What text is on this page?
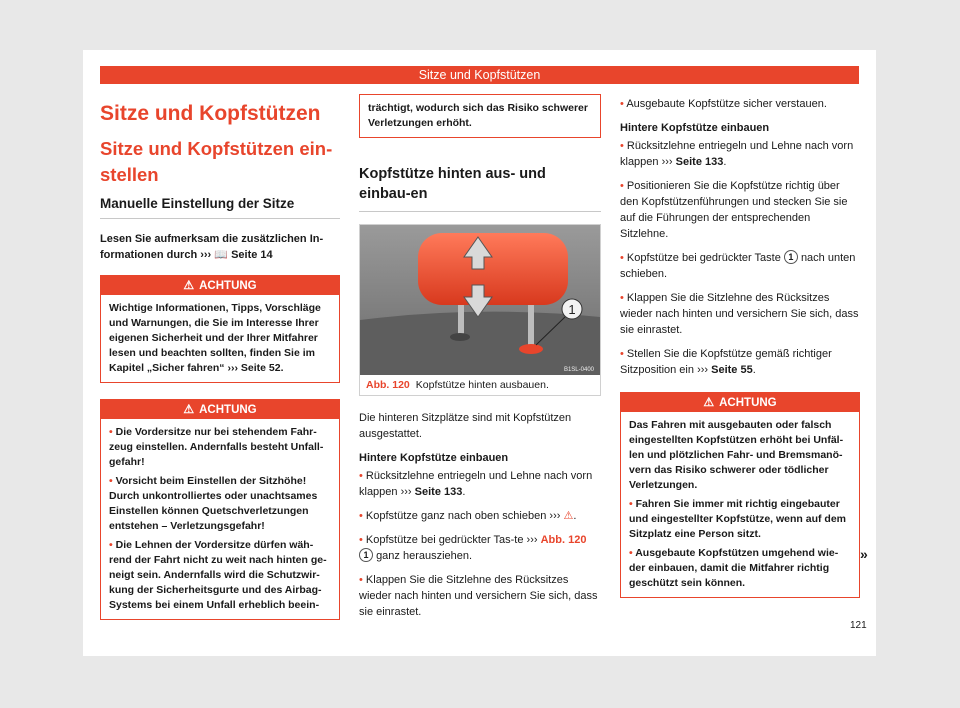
Sitze und Kopfstützen
Sitze und Kopfstützen
Sitze und Kopfstützen ein-stellen
Manuelle Einstellung der Sitze

Lesen Sie aufmerksam die zusätzlichen In-formationen durch ››› 📖 Seite 14

⚠ ACHTUNG

Wichtige Informationen, Tipps, Vorschläge und Warnungen, die Sie im Interesse Ihrer eigenen Sicherheit und der Ihrer Mitfahrer lesen und beachten sollten, finden Sie im Kapitel „Sicher fahren“ ››› Seite 52.

⚠ ACHTUNG

• Die Vordersitze nur bei stehendem Fahr-zeug einstellen. Andernfalls besteht Unfall-gefahr!

• Vorsicht beim Einstellen der Sitzhöhe! Durch unkontrolliertes oder unachtsames Einstellen können Quetschverletzungen entstehen – Verletzungsgefahr!

• Die Lehnen der Vordersitze dürfen wäh-rend der Fahrt nicht zu weit nach hinten ge-neigt sein. Andernfalls wird die Schutzwir-kung der Sicherheitsgurte und des Airbag-Systems bei einem Unfall erheblich beein-

trächtigt, wodurch sich das Risiko schwerer Verletzungen erhöht.
Kopfstütze hinten aus- und einbau-en
1
B1SL-0400
Abb. 120 Kopfstütze hinten ausbauen.

Die hinteren Sitzplätze sind mit Kopfstützen ausgestattet.

Hintere Kopfstütze einbauen

• Rücksitzlehne entriegeln und Lehne nach vorn klappen ››› Seite 133.

• Kopfstütze ganz nach oben schieben ››› ⚠.

• Kopfstütze bei gedrückter Tas-te ››› Abb. 120 1 ganz herausziehen.

• Klappen Sie die Sitzlehne des Rücksitzes wieder nach hinten und versichern Sie sich, dass sie einrastet.

• Ausgebaute Kopfstütze sicher verstauen.

Hintere Kopfstütze einbauen

• Rücksitzlehne entriegeln und Lehne nach vorn klappen ››› Seite 133.

• Positionieren Sie die Kopfstütze richtig über den Kopfstützenführungen und stecken Sie sie auf die Führungen der entsprechenden Sitzlehne.

• Kopfstütze bei gedrückter Taste 1 nach unten schieben.

• Klappen Sie die Sitzlehne des Rücksitzes wieder nach hinten und versichern Sie sich, dass sie einrastet.

• Stellen Sie die Kopfstütze gemäß richtiger Sitzposition ein ››› Seite 55.

⚠ ACHTUNG

Das Fahren mit ausgebauten oder falsch eingestellten Kopfstützen erhöht bei Unfäl-len und plötzlichen Fahr- und Bremsmanö-vern das Risiko schwerer oder tödlicher Verletzungen.

• Fahren Sie immer mit richtig eingebauter und eingestellter Kopfstütze, wenn auf dem Sitzplatz eine Person sitzt.

• Ausgebaute Kopfstützen umgehend wie-der einbauen, damit die Mitfahrer richtig geschützt sein können.

»
121
